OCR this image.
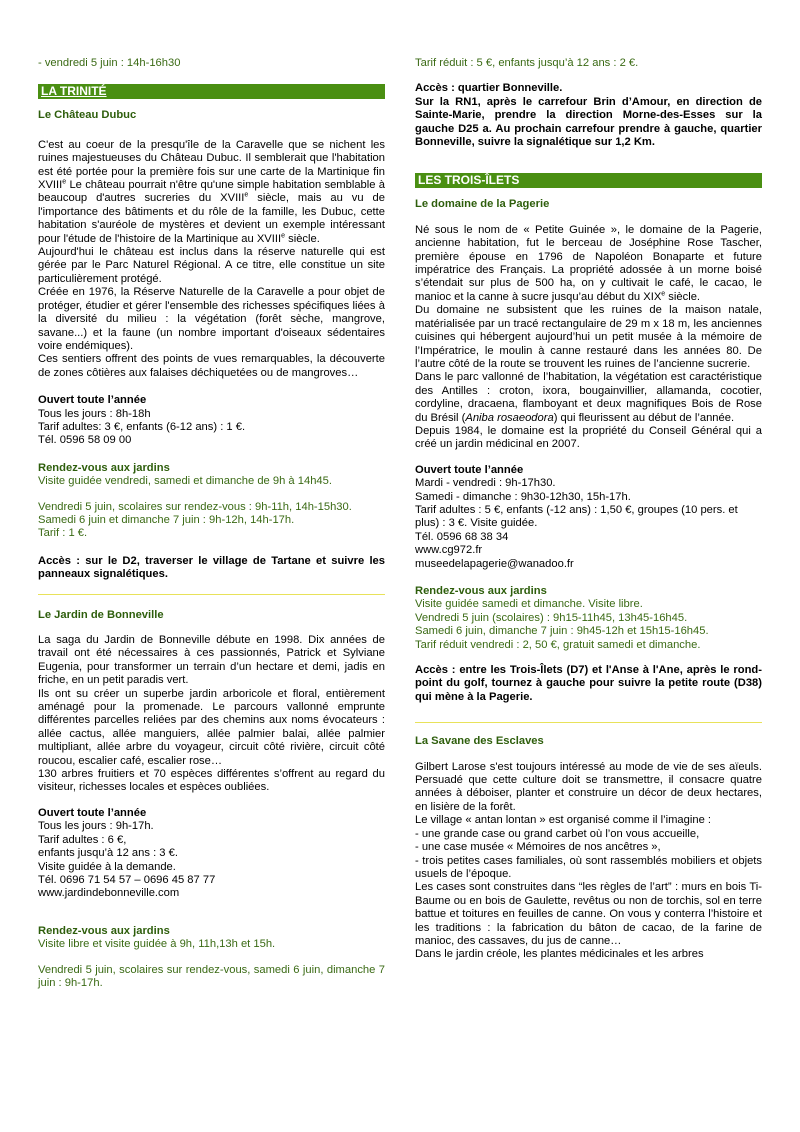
- vendredi 5 juin : 14h-16h30

LA TRINITÉ

Le Château Dubuc

C'est au coeur de la presqu'île de la Caravelle que se nichent les ruines majestueuses du Château Dubuc. Il semblerait que l'habitation est été portée pour la première fois sur une carte de la Martinique fin XVIIIe Le château pourrait n'être qu'une simple habitation semblable à beaucoup d'autres sucreries du XVIIIe siècle, mais au vu de l'importance des bâtiments et du rôle de la famille, les Dubuc, cette habitation s'auréole de mystères et devient un exemple intéressant pour l'étude de l'histoire de la Martinique au XVIIIe siècle.

Aujourd'hui le château est inclus dans la réserve naturelle qui est gérée par le Parc Naturel Régional. A ce titre, elle constitue un site particulièrement protégé.

Créée en 1976, la Réserve Naturelle de la Caravelle a pour objet de protéger, étudier et gérer l'ensemble des richesses spécifiques liées à la diversité du milieu : la végétation (forêt sèche, mangrove, savane...) et la faune (un nombre important d'oiseaux sédentaires voire endémiques).

Ces sentiers offrent des points de vues remarquables, la découverte de zones côtières aux falaises déchiquetées ou de mangroves…

Ouvert toute l’année

Tous les jours : 8h-18h

Tarif adultes: 3 €, enfants (6-12 ans) : 1 €.

Tél. 0596 58 09 00

Rendez-vous aux jardins

Visite guidée vendredi, samedi et dimanche de 9h à 14h45.

Vendredi 5 juin, scolaires sur rendez-vous : 9h-11h, 14h-15h30.

Samedi 6 juin et dimanche 7 juin : 9h-12h, 14h-17h.

Tarif : 1 €.

Accès : sur le D2, traverser le village de Tartane et suivre les panneaux signalétiques.

Le Jardin de Bonneville

La saga du Jardin de Bonneville débute en 1998. Dix années de travail ont été nécessaires à ces passionnés, Patrick et Sylviane Eugenia, pour transformer un terrain d’un hectare et demi, jadis en friche, en un petit paradis vert.

Ils ont su créer un superbe jardin arboricole et floral, entièrement aménagé pour la promenade. Le parcours vallonné emprunte différentes parcelles reliées par des chemins aux noms évocateurs : allée cactus, allée manguiers, allée palmier balai, allée palmier multipliant, allée arbre du voyageur, circuit côté rivière, circuit côté roucou, escalier café, escalier rose…

130 arbres fruitiers et 70 espèces différentes s’offrent au regard du visiteur, richesses locales et espèces oubliées.

Ouvert toute l’année

Tous les jours : 9h-17h.

Tarif adultes : 6 €,

enfants jusqu’à 12 ans : 3 €.

Visite guidée à la demande.

Tél. 0696 71 54 57 – 0696 45 87 77

www.jardindebonneville.com

Rendez-vous aux jardins

Visite libre et visite guidée à 9h, 11h,13h et 15h.

Vendredi 5 juin, scolaires sur rendez-vous, samedi 6 juin, dimanche 7 juin : 9h-17h.

Tarif réduit : 5 €, enfants jusqu’à 12 ans : 2 €.

Accès : quartier Bonneville.

Sur la RN1, après le carrefour Brin d’Amour, en direction de Sainte-Marie, prendre la direction Morne-des-Esses sur la gauche D25 a. Au prochain carrefour prendre à gauche, quartier Bonneville, suivre la signalétique sur 1,2 Km.

LES TROIS-ÎLETS

Le domaine de la Pagerie

Né sous le nom de « Petite Guinée », le domaine de la Pagerie, ancienne habitation, fut le berceau de Joséphine Rose Tascher, première épouse en 1796 de Napoléon Bonaparte et future impératrice des Français. La propriété adossée à un morne boisé s’étendait sur plus de 500 ha, on y cultivait le café, le cacao, le manioc et la canne à sucre jusqu’au début du XIXe siècle.

Du domaine ne subsistent que les ruines de la maison natale, matérialisée par un tracé rectangulaire de 29 m x 18 m, les anciennes cuisines qui hébergent aujourd’hui un petit musée à la mémoire de l’Impératrice, le moulin à canne restauré dans les années 80. De l’autre côté de la route se trouvent les ruines de l’ancienne sucrerie.

Dans le parc vallonné de l’habitation, la végétation est caractéristique des Antilles : croton, ixora, bougainvillier, allamanda, cocotier, cordyline, dracaena, flamboyant et deux magnifiques Bois de Rose du Brésil (Aniba rosaeodora) qui fleurissent au début de l’année.

Depuis 1984, le domaine est la propriété du Conseil Général qui a créé un jardin médicinal en 2007.

Ouvert toute l’année

Mardi - vendredi : 9h-17h30.

Samedi - dimanche : 9h30-12h30, 15h-17h.

Tarif adultes : 5 €, enfants (-12 ans) : 1,50 €, groupes (10 pers. et plus) : 3 €. Visite guidée.

Tél. 0596 68 38 34

www.cg972.fr

museedelapagerie@wanadoo.fr

Rendez-vous aux jardins

Visite guidée samedi et dimanche. Visite libre.

Vendredi 5 juin (scolaires) : 9h15-11h45, 13h45-16h45.

Samedi 6 juin, dimanche 7 juin : 9h45-12h et 15h15-16h45.

Tarif réduit vendredi : 2, 50 €, gratuit samedi et dimanche.

Accès : entre les Trois-Îlets (D7) et l'Anse à l'Ane, après le rond-point du golf, tournez à gauche pour suivre la petite route (D38) qui mène à la Pagerie.

La Savane des Esclaves

Gilbert Larose s'est toujours intéressé au mode de vie de ses aïeuls. Persuadé que cette culture doit se transmettre, il consacre quatre années à déboiser, planter et construire un décor de deux hectares, en lisière de la forêt.

Le village « antan lontan » est organisé comme il l’imagine :

- une grande case ou grand carbet où l’on vous accueille,

- une case musée « Mémoires de nos ancêtres »,

- trois petites cases familiales, où sont rassemblés mobiliers et objets usuels de l’époque.

Les cases sont construites dans “les règles de l’art” : murs en bois Ti-Baume ou en bois de Gaulette, revêtus ou non de torchis, sol en terre battue et toitures en feuilles de canne. On vous y conterra l’histoire et les traditions : la fabrication du bâton de cacao, de la farine de manioc, des cassaves, du jus de canne…

Dans le jardin créole, les plantes médicinales et les arbres
